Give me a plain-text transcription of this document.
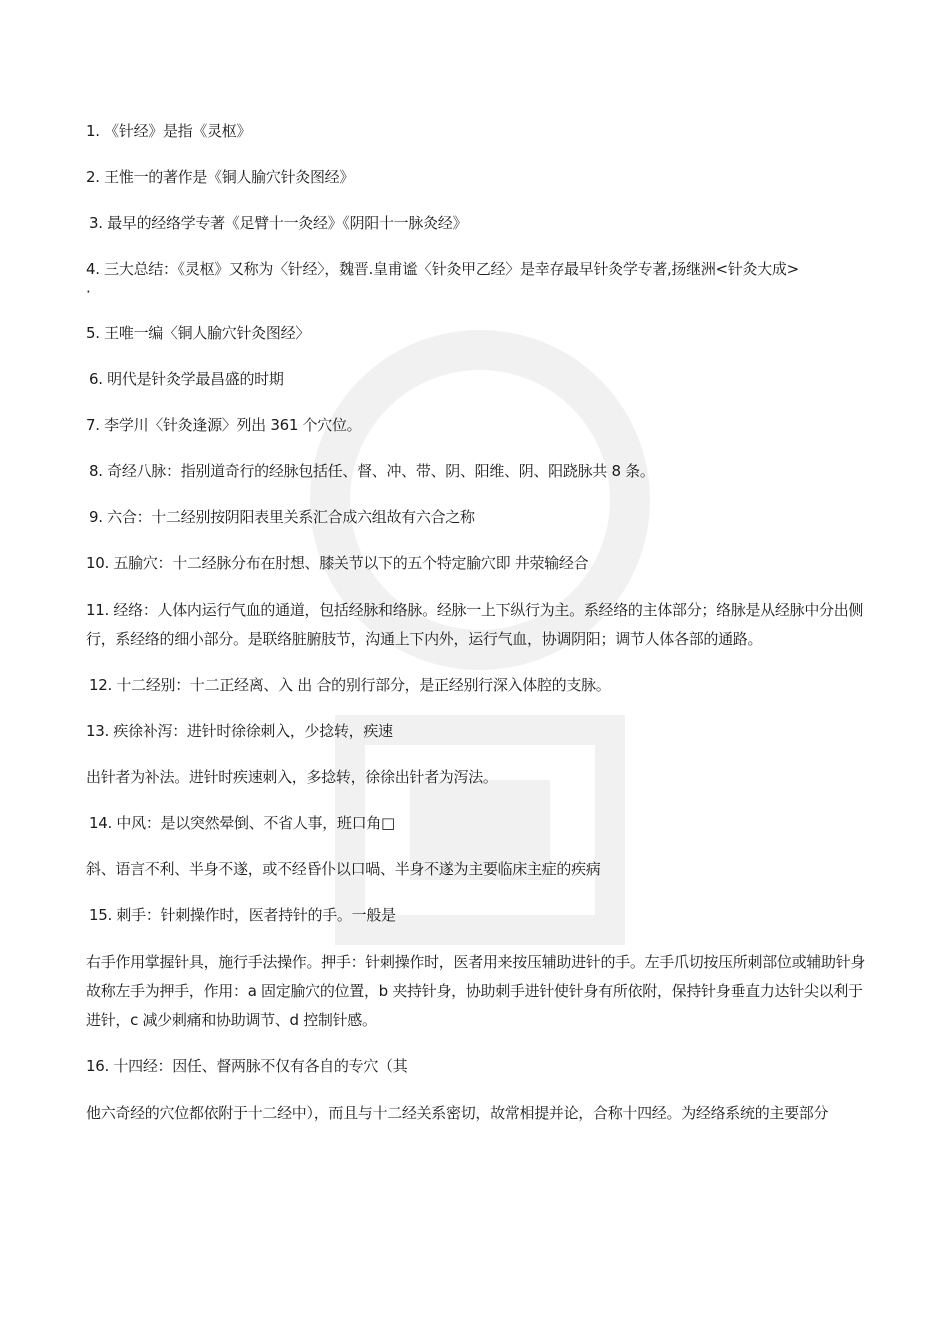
1. 《针经》是指《灵枢》

2. 王惟一的著作是《铜人腧穴针灸图经》

3. 最早的经络学专著《足臂十一灸经》《阴阳十一脉灸经》

4. 三大总结：《灵枢》又称为〈针经〉，魏晋.皇甫谧〈针灸甲乙经〉是幸存最早针灸学专著,扬继洲<针灸大成>

·

5. 王唯一编〈铜人腧穴针灸图经〉

6. 明代是针灸学最昌盛的时期

7. 李学川〈针灸逢源〉列出 361 个穴位。

8. 奇经八脉：指别道奇行的经脉包括任、督、冲、带、阴、阳维、阴、阳跷脉共 8 条。

9. 六合：十二经别按阴阳表里关系汇合成六组故有六合之称

10. 五腧穴：十二经脉分布在肘想、膝关节以下的五个特定腧穴即 井荥输经合

11. 经络：人体内运行气血的通道，包括经脉和络脉。经脉一上下纵行为主。系经络的主体部分；络脉是从经脉中分出侧行，系经络的细小部分。是联络脏腑肢节，沟通上下内外，运行气血，协调阴阳；调节人体各部的通路。

12. 十二经别：十二正经离、入 出 合的别行部分，是正经别行深入体腔的支脉。

13. 疾徐补泻：进针时徐徐刺入，少捻转，疾速

出针者为补法。进针时疾速刺入，多捻转，徐徐出针者为泻法。

14. 中风：是以突然晕倒、不省人事，班口角□

斜、语言不利、半身不遂，或不经昏仆以口喎、半身不遂为主要临床主症的疾病

15. 刺手：针刺操作时，医者持针的手。一般是

右手作用掌握针具，施行手法操作。押手：针刺操作时，医者用来按压辅助进针的手。左手爪切按压所刺部位或辅助针身故称左手为押手，作用：a 固定腧穴的位置，b 夹持针身，协助刺手进针使针身有所依附，保持针身垂直力达针尖以利于进针，c 减少刺痛和协助调节、d 控制针感。

16. 十四经：因任、督两脉不仅有各自的专穴（其

他六奇经的穴位都依附于十二经中），而且与十二经关系密切，故常相提并论，合称十四经。为经络系统的主要部分
